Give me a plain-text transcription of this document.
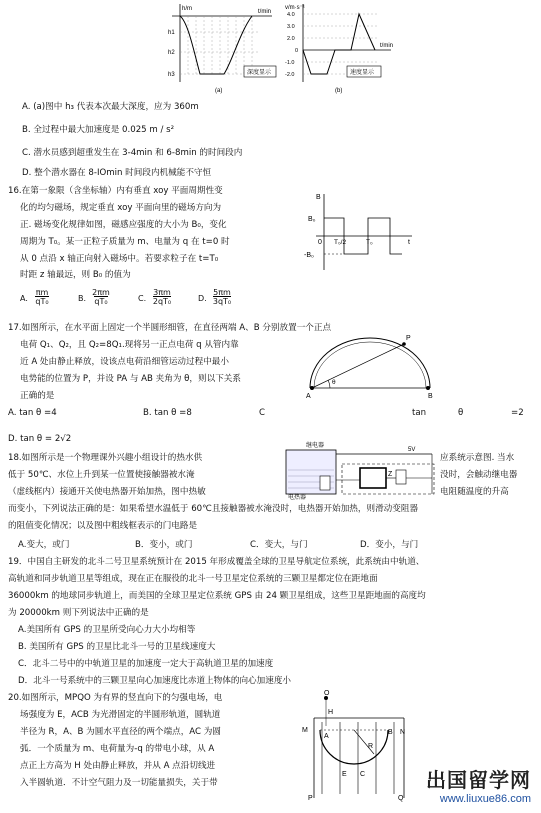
h/m	t/min
h1
h2
h3	深度显示
(a)
v/m·s⁻¹
t/min
4.0
3.0
2.0
0
-1.0
-2.0	速度显示
(b)
A. (a)图中 h₃ 代表本次最大深度，应为 360m
B. 全过程中最大加速度是 0.025 m / s²
C. 潜水员感到超重发生在 3-4min 和 6-8min 的时间段内
D. 整个潜水器在 8-IOmin 时间段内机械能不守恒
16.在第一象限（含坐标轴）内有垂直 xoy 平面周期性变
化的均匀磁场，规定垂直 xoy 平面向里的磁场方向为
正. 磁场变化规律如图，磁感应强度的大小为 B₀，变化
周期为 T₀。某一正粒子质量为 m、电量为 q 在 t=0 时
从 0 点沿 x 轴正向射入磁场中。若要求粒子在 t=T₀
时距 z 轴最远，则 B₀ 的值为
A.
πm
qT₀	B.
2πm
qT₀	C.
3πm
2qT₀	D.
5πm
3qT₀
B
B₀
-B₀
0 T₀/2	T₀	t
17.如图所示，在水平面上固定一个半圆形细管，在直径两端 A、B 分别放置一个正点
电荷 Q₁、Q₂，且 Q₂=8Q₁.现将另一正点电荷 q 从管内靠
近 A 处由静止释放，设该点电荷沿细管运动过程中最小
电势能的位置为 P，并设 PA 与 AB 夹角为 θ，则以下关系
正确的是
P
A	B
θ
A. tan θ =4	B. tan θ =8	C	tan	θ	=2
D. tan θ = 2√2
18.如图所示是一个物理课外兴趣小组设计的热水供
低于 50℃、水位上升到某一位置使接触器被水淹
（虚线框内）接通开关使电热器开始加热，图中热敏
应系统示意图. 当水
没时，会触动继电器
电阻随温度的升高
而变小，下列说法正确的是：如果希望水温低于 60℃且接触器被水淹没时，电热器开始加热，则滑动变阻器
的阻值变化情况；以及图中粗线框表示的门电路是
继电器
电热器
5V
Z
A.变大，或门	B．变小，或门	C．变大，与门	D．变小，与门
19．中国自主研发的北斗二号卫星系统预计在 2015 年形成覆盖全球的卫星导航定位系统，此系统由中轨道、
高轨道和同步轨道卫星等组成，现在正在服役的北斗一号卫星定位系统的三颗卫星都定位在距地面
36000km 的地球同步轨道上，而美国的全球卫星定位系统 GPS 由 24 颗卫星组成，这些卫星距地面的高度均
为 20000km 则下列说法中正确的是
A.美国所有 GPS 的卫星所受向心力大小均相等
B. 美国所有 GPS 的卫星比北斗一号的卫星线速度大
C．北斗二号中的中轨道卫星的加速度一定大于高轨道卫星的加速度
D．北斗一号系统中的三颗卫星向心加速度比赤道上物体的向心加速度小
20.如图所示，MPQO 为有界的竖直向下的匀强电场，电
场强度为 E，ACB 为光滑固定的半圆形轨道，圆轨道
半径为 R，A、B 为圆水平直径的两个端点，AC 为圆
弧．一个质量为 m、电荷量为-q 的带电小球，从 A
点正上方高为 H 处由静止释放，并从 A 点沿切线进
入半圆轨道．不计空气阻力及一切能量损失，关于带
O
H
M
A
B N
R
E C
P	Q
出国留学网
www.liuxue86.com
